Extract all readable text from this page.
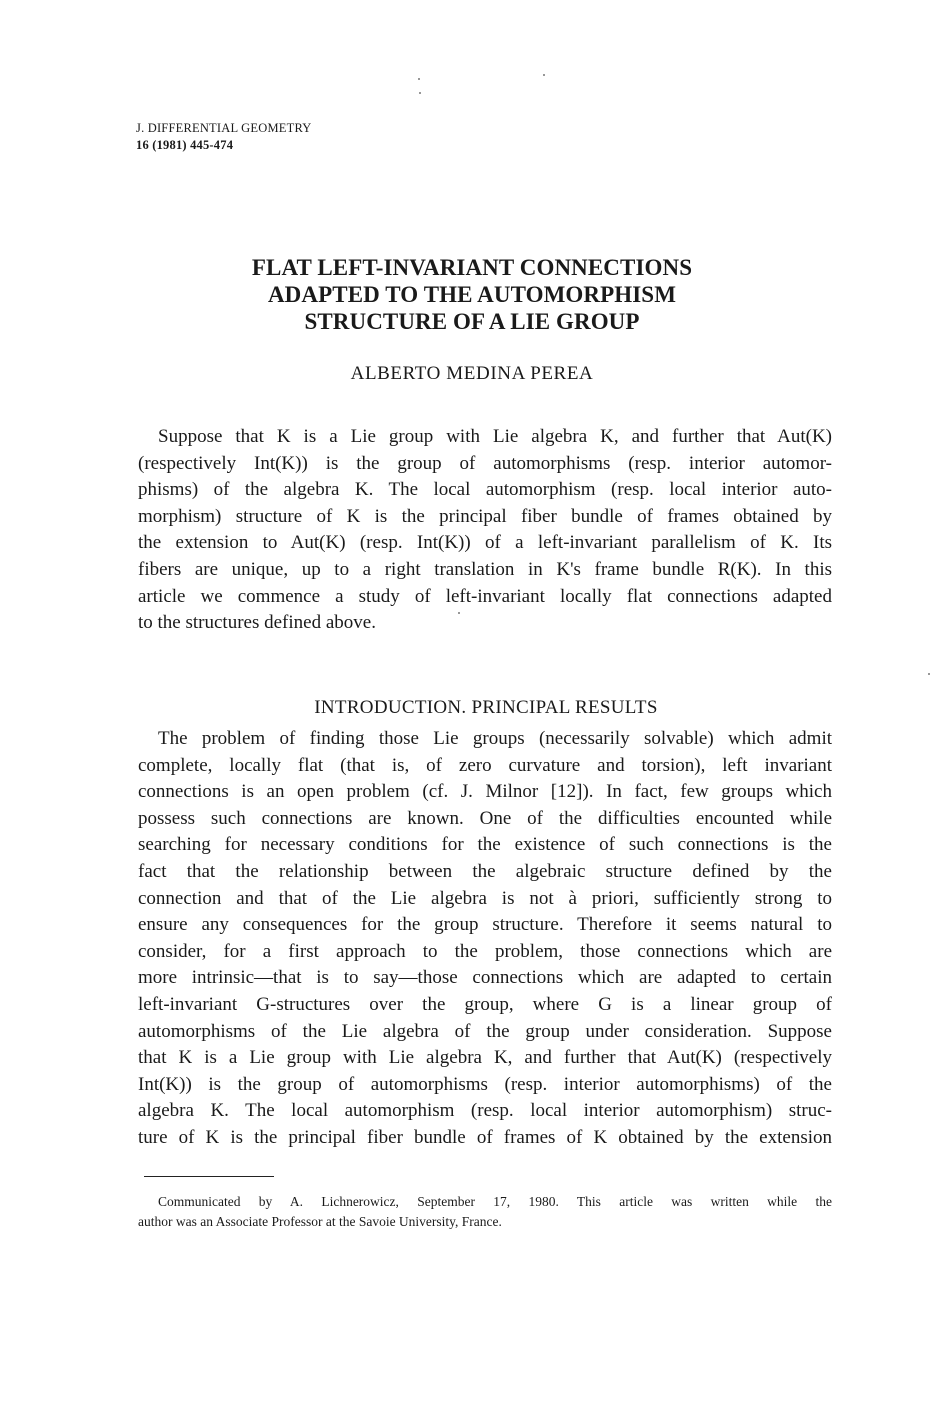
J. DIFFERENTIAL GEOMETRY
16 (1981) 445-474
FLAT LEFT-INVARIANT CONNECTIONS
ADAPTED TO THE AUTOMORPHISM
STRUCTURE OF A LIE GROUP
ALBERTO MEDINA PEREA
Suppose that K is a Lie group with Lie algebra K, and further that Aut(K)
(respectively Int(K)) is the group of automorphisms (resp. interior automor-
phisms) of the algebra K. The local automorphism (resp. local interior auto-
morphism) structure of K is the principal fiber bundle of frames obtained by
the extension to Aut(K) (resp. Int(K)) of a left-invariant parallelism of K. Its
fibers are unique, up to a right translation in K's frame bundle R(K). In this
article we commence a study of left-invariant locally flat connections adapted
to the structures defined above.
INTRODUCTION. PRINCIPAL RESULTS
The problem of finding those Lie groups (necessarily solvable) which admit
complete, locally flat (that is, of zero curvature and torsion), left invariant
connections is an open problem (cf. J. Milnor [12]). In fact, few groups which
possess such connections are known. One of the difficulties encounted while
searching for necessary conditions for the existence of such connections is the
fact that the relationship between the algebraic structure defined by the
connection and that of the Lie algebra is not à priori, sufficiently strong to
ensure any consequences for the group structure. Therefore it seems natural to
consider, for a first approach to the problem, those connections which are
more intrinsic—that is to say—those connections which are adapted to certain
left-invariant G-structures over the group, where G is a linear group of
automorphisms of the Lie algebra of the group under consideration. Suppose
that K is a Lie group with Lie algebra K, and further that Aut(K) (respectively
Int(K)) is the group of automorphisms (resp. interior automorphisms) of the
algebra K. The local automorphism (resp. local interior automorphism) struc-
ture of K is the principal fiber bundle of frames of K obtained by the extension
Communicated by A. Lichnerowicz, September 17, 1980. This article was written while the
author was an Associate Professor at the Savoie University, France.
